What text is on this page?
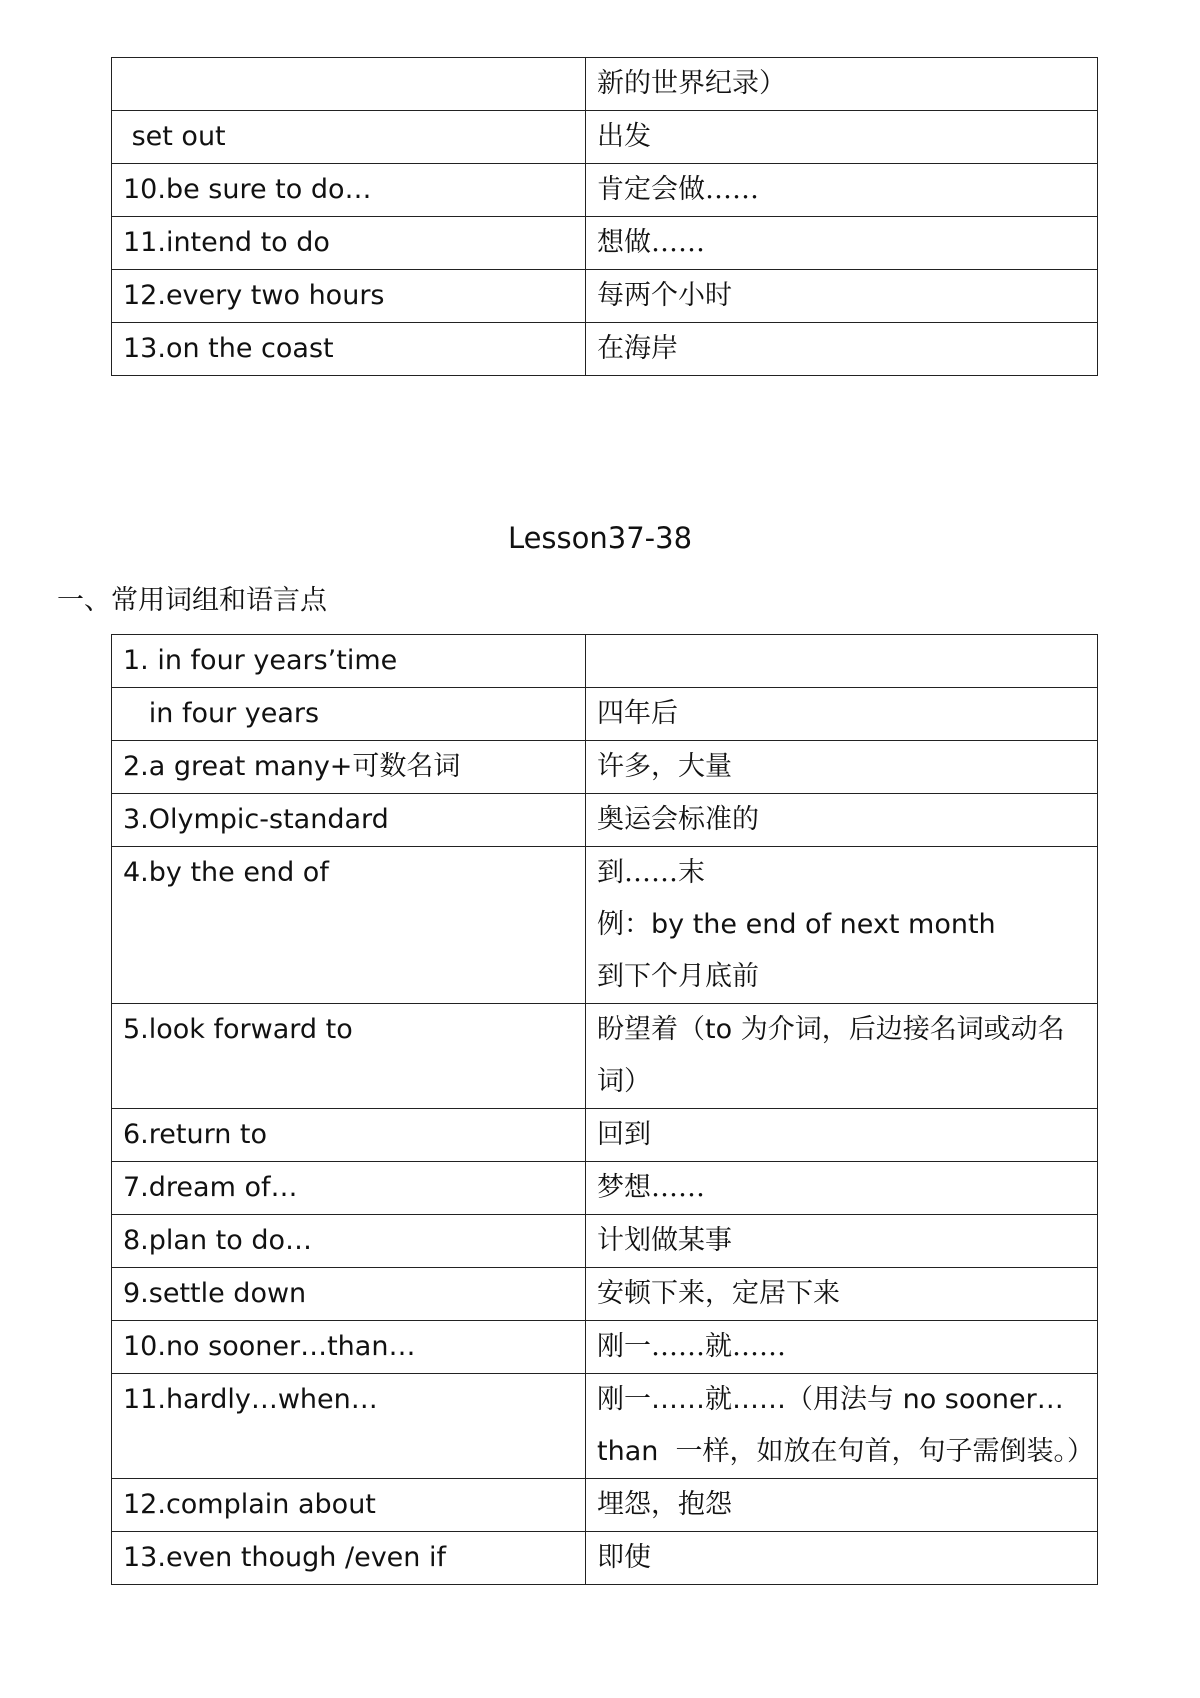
	新的世界纪录）

set out	出发

10.be sure to do…	肯定会做……

11.intend to do	想做……

12.every two hours	每两个小时

13.on the coast	在海岸
Lesson37-38
一、常用词组和语言点
1. in four years’time	

in four years	四年后

2.a great many+可数名词	许多，大量

3.Olympic-standard	奥运会标准的

4.by the end of	到……末
例：by the end of next month
到下个月底前

5.look forward to	盼望着（to 为介词，后边接名词或动名
词）

6.return to	回到

7.dream of…	梦想……

8.plan to do…	计划做某事

9.settle down	安顿下来，定居下来

10.no sooner…than…	刚一……就……

11.hardly…when…	刚一……就……（用法与 no sooner…
than  一样，如放在句首，句子需倒装。）

12.complain about	埋怨，抱怨

13.even though /even if	即使
